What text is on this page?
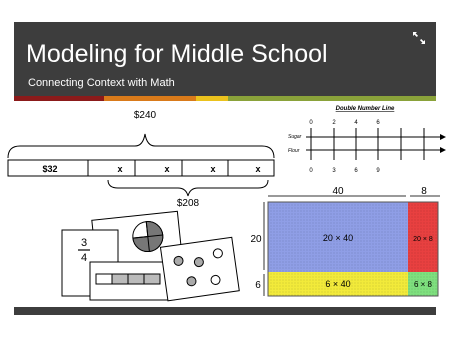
Modeling for Middle School
Connecting Context with Math
$240
$32	x	x	x	x
$208
Double Number Line
0	2	4	6
Sugar
Flour
0	3	6	9
3
4
40	8
20
6
20 × 40	20 × 8
6 × 40	6 × 8
